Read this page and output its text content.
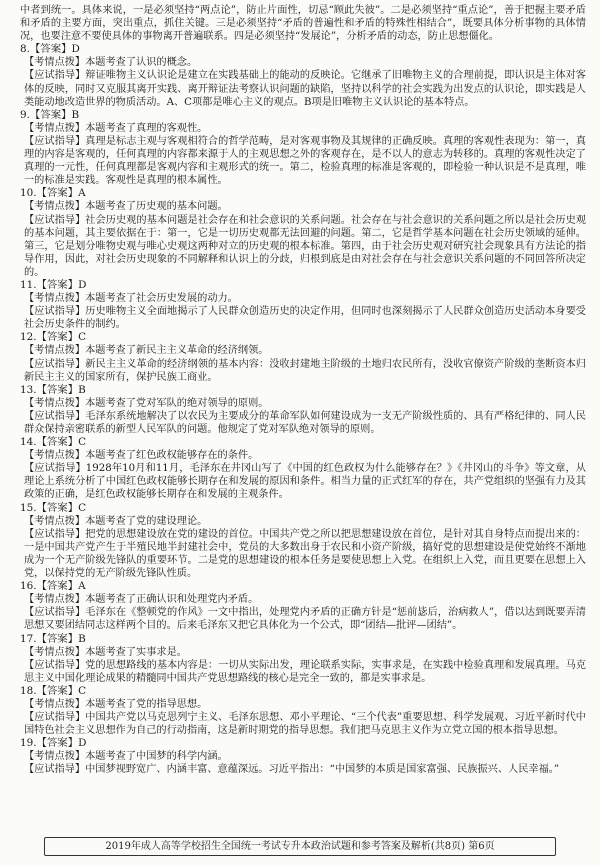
中者到统一。具体来说，一是必须坚持“两点论”，防止片面性，切忌“顾此失彼”。二是必须坚持“重点论”，善于把握主要矛盾和矛盾的主要方面，突出重点，抓住关键。三是必须坚持“矛盾的普遍性和矛盾的特殊性相结合”，既要具体分析事物的具体情况，也要注意不要使具体的事物离开普遍联系。四是必须坚持“发展论”，分析矛盾的动态，防止思想僵化。
8.【答案】D
【考情点拨】本题考查了认识的概念。
【应试指导】辩证唯物主义认识论是建立在实践基础上的能动的反映论。它继承了旧唯物主义的合理前提，即认识是主体对客体的反映，同时又克服其离开实践、离开辩证法考察认识问题的缺陷，坚持以科学的社会实践为出发点的认识论，即实践是人类能动地改造世界的物质活动。A、C项都是唯心主义的观点。B项是旧唯物主义认识论的基本特点。
9.【答案】B
【考情点拨】本题考查了真理的客观性。
【应试指导】真理是标志主观与客观相符合的哲学范畴，是对客观事物及其规律的正确反映。真理的客观性表现为：第一，真理的内容是客观的，任何真理的内容都来源于人的主观思想之外的客观存在，是不以人的意志为转移的。真理的客观性决定了真理的一元性，任何真理都是客观内容和主观形式的统一。第二，检验真理的标准是客观的，即检验一种认识是不是真理，唯一的标准是实践。客观性是真理的根本属性。
10.【答案】A
【考情点拨】本题考查了历史观的基本问题。
【应试指导】社会历史观的基本问题是社会存在和社会意识的关系问题。社会存在与社会意识的关系问题之所以是社会历史观的基本问题，其主要依据在于：第一，它是一切历史观都无法回避的问题。第二，它是哲学基本问题在社会历史领域的延伸。第三，它是划分唯物史观与唯心史观这两种对立的历史观的根本标准。第四，由于社会历史观对研究社会现象具有方法论的指导作用，因此，对社会历史现象的不同解释和认识上的分歧，归根到底是由对社会存在与社会意识关系问题的不同回答所决定的。
11.【答案】D
【考情点拨】本题考查了社会历史发展的动力。
【应试指导】历史唯物主义全面地揭示了人民群众创造历史的决定作用，但同时也深刻揭示了人民群众创造历史活动本身要受社会历史条件的制约。
12.【答案】C
【考情点拨】本题考查了新民主主义革命的经济纲领。
【应试指导】新民主主义革命的经济纲领的基本内容：没收封建地主阶级的土地归农民所有，没收官僚资产阶级的垄断资本归新民主主义的国家所有，保护民族工商业。
13.【答案】B
【考情点拨】本题考查了党对军队的绝对领导的原则。
【应试指导】毛泽东系统地解决了以农民为主要成分的革命军队如何建设成为一支无产阶级性质的、具有严格纪律的、同人民群众保持亲密联系的新型人民军队的问题。他规定了党对军队绝对领导的原则。
14.【答案】C
【考情点拨】本题考查了红色政权能够存在的条件。
【应试指导】1928年10月和11月，毛泽东在井冈山写了《中国的红色政权为什么能够存在？》《井冈山的斗争》等文章，从理论上系统分析了中国红色政权能够长期存在和发展的原因和条件。相当力量的正式红军的存在，共产党组织的坚强有力及其政策的正确，是红色政权能够长期存在和发展的主观条件。
15.【答案】C
【考情点拨】本题考查了党的建设理论。
【应试指导】把党的思想建设放在党的建设的首位。中国共产党之所以把思想建设放在首位，是针对其自身特点而提出来的：一是中国共产党产生于半殖民地半封建社会中，党员的大多数出身于农民和小资产阶级，搞好党的思想建设是使党始终不渐地成为一个无产阶级先锋队的重要环节。二是党的思想建设的根本任务是要使思想上入党。在组织上入党，而且更要在思想上入党，以保持党的无产阶级先锋队性质。
16.【答案】A
【考情点拨】本题考查了正确认识和处理党内矛盾。
【应试指导】毛泽东在《整顿党的作风》一文中指出，处理党内矛盾的正确方针是“惩前毖后，治病救人”，借以达到既要弄清思想又要团结同志这样两个目的。后来毛泽东又把它具体化为一个公式，即“团结—批评—团结”。
17.【答案】B
【考情点拨】本题考查了实事求是。
【应试指导】党的思想路线的基本内容是：一切从实际出发，理论联系实际，实事求是，在实践中检验真理和发展真理。马克思主义中国化理论成果的精髓同中国共产党思想路线的核心是完全一致的，都是实事求是。
18.【答案】C
【考情点拨】本题考查了党的指导思想。
【应试指导】中国共产党以马克思列宁主义、毛泽东思想、邓小平理论、“三个代表”重要思想、科学发展观、习近平新时代中国特色社会主义思想作为自己的行动指南，这是新时期党的指导思想。我们把马克思主义作为立党立国的根本指导思想。
19.【答案】D
【考情点拨】本题考查了中国梦的科学内涵。
【应试指导】中国梦视野宽广、内涵丰富、意蕴深远。习近平指出：“中国梦的本质是国家富强、民族振兴、人民幸福。”
2019年成人高等学校招生全国统一考试专升本政治试题和参考答案及解析(共8页) 第6页
